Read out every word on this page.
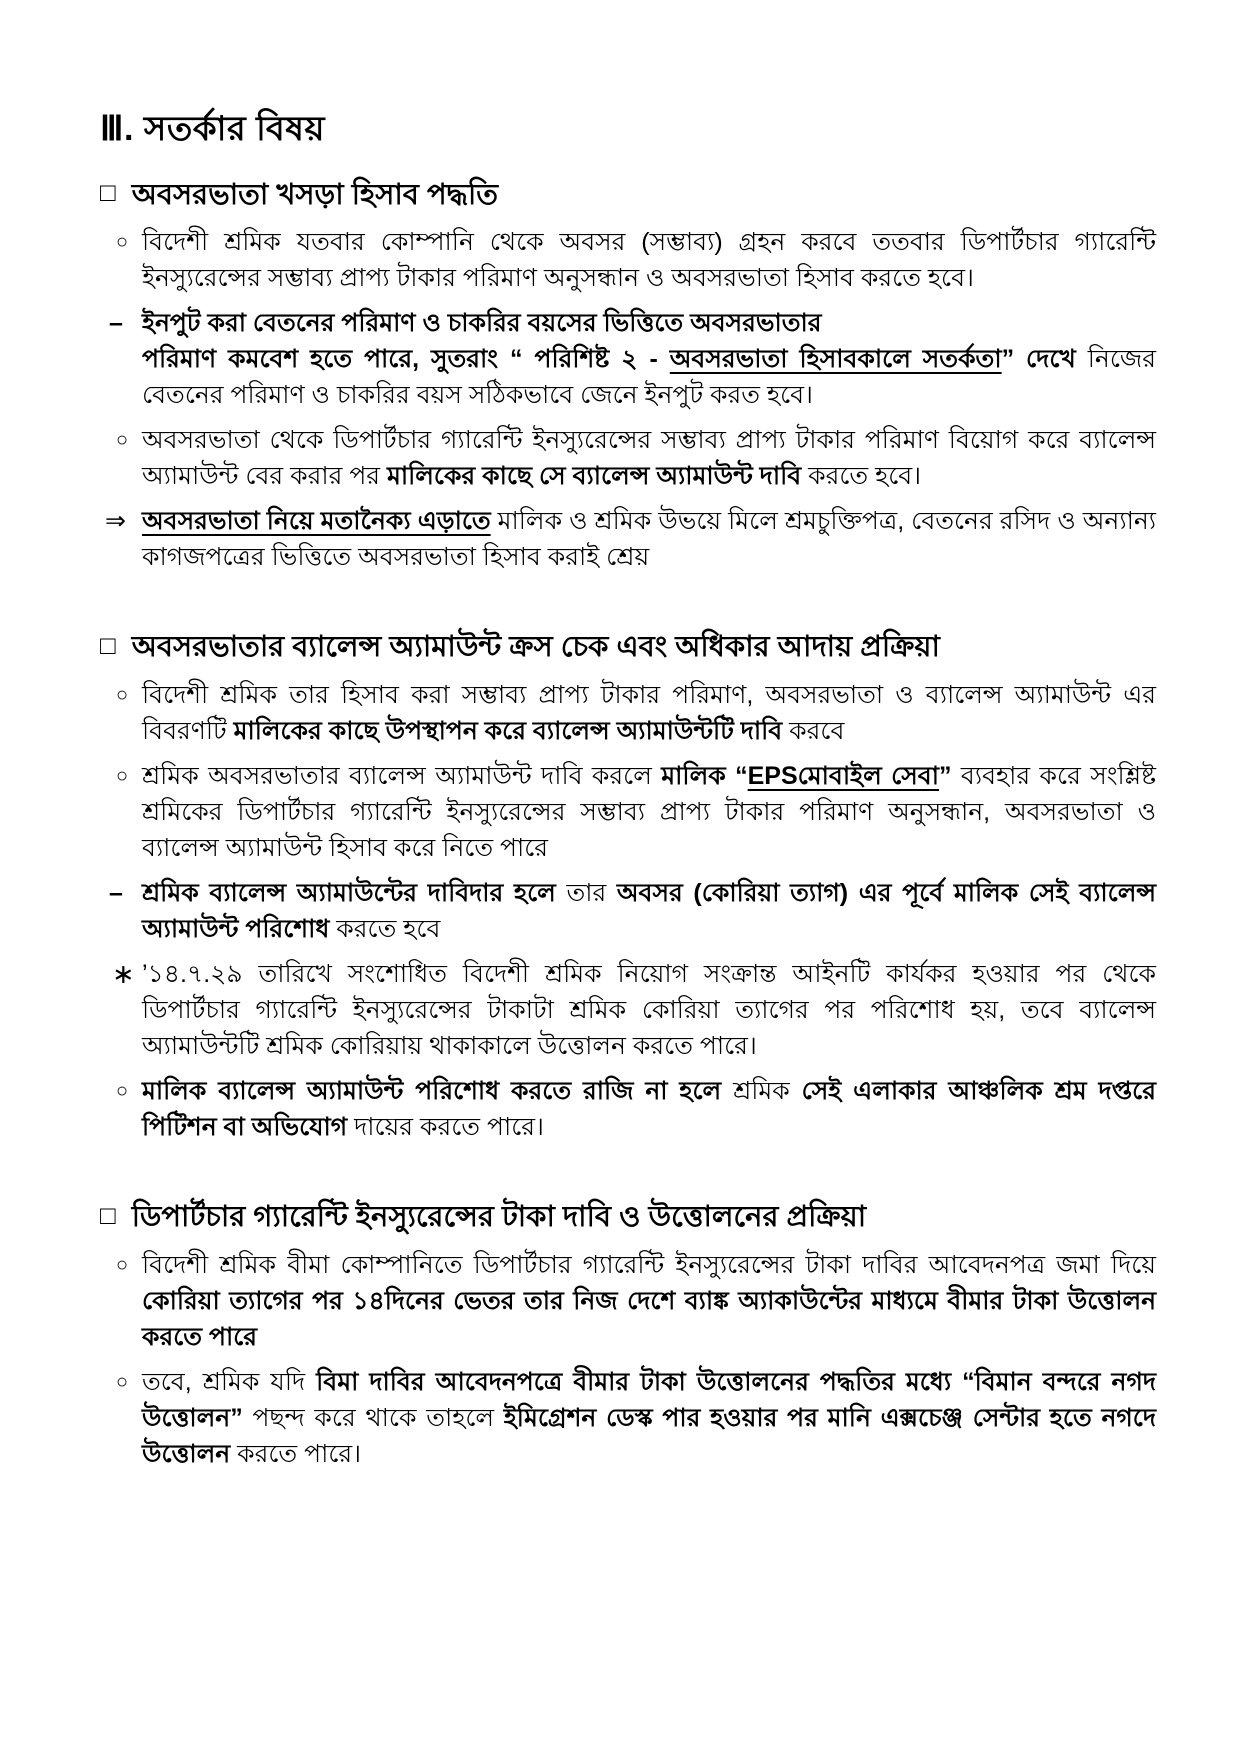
Ⅲ. সতর্কার বিষয়
□ অবসরভাতা খসড়া হিসাব পদ্ধতি
○ বিদেশী শ্রমিক যতবার কোম্পানি থেকে অবসর (সম্ভাব্য) গ্রহন করবে ততবার ডিপার্টচার গ্যারেন্টি ইনস্যুরেন্সের সম্ভাব্য প্রাপ্য টাকার পরিমাণ অনুসন্ধান ও অবসরভাতা হিসাব করতে হবে।
– ইনপুট করা বেতনের পরিমাণ ও চাকরির বয়সের ভিত্তিতে অবসরভাতার
পরিমাণ কমবেশ হতে পারে, সুতরাং “ পরিশিষ্ট ২ - অবসরভাতা হিসাবকালে সতর্কতা” দেখে নিজের বেতনের পরিমাণ ও চাকরির বয়স সঠিকভাবে জেনে ইনপুট করত হবে।
○ অবসরভাতা থেকে ডিপার্টচার গ্যারেন্টি ইনস্যুরেন্সের সম্ভাব্য প্রাপ্য টাকার পরিমাণ বিয়োগ করে ব্যালেন্স অ্যামাউন্ট বের করার পর মালিকের কাছে সে ব্যালেন্স অ্যামাউন্ট দাবি করতে হবে।
⇒ অবসরভাতা নিয়ে মতানৈক্য এড়াতে মালিক ও শ্রমিক উভয়ে মিলে শ্রমচুক্তিপত্র, বেতনের রসিদ ও অন্যান্য কাগজপত্রের ভিত্তিতে অবসরভাতা হিসাব করাই শ্রেয়
□ অবসরভাতার ব্যালেন্স অ্যামাউন্ট ক্রস চেক এবং অধিকার আদায় প্রক্রিয়া
○ বিদেশী শ্রমিক তার হিসাব করা সম্ভাব্য প্রাপ্য টাকার পরিমাণ, অবসরভাতা ও ব্যালেন্স অ্যামাউন্ট এর বিবরণটি মালিকের কাছে উপস্থাপন করে ব্যালেন্স অ্যামাউন্টটি দাবি করবে
○ শ্রমিক অবসরভাতার ব্যালেন্স অ্যামাউন্ট দাবি করলে মালিক “EPSমোবাইল সেবা” ব্যবহার করে সংশ্লিষ্ট শ্রমিকের ডিপার্টচার গ্যারেন্টি ইনস্যুরেন্সের সম্ভাব্য প্রাপ্য টাকার পরিমাণ অনুসন্ধান, অবসরভাতা ও ব্যালেন্স অ্যামাউন্ট হিসাব করে নিতে পারে
– শ্রমিক ব্যালেন্স অ্যামাউন্টের দাবিদার হলে তার অবসর (কোরিয়া ত্যাগ) এর পূর্বে মালিক সেই ব্যালেন্স অ্যামাউন্ট পরিশোধ করতে হবে
∗ ’১৪.৭.২৯ তারিখে সংশোধিত বিদেশী শ্রমিক নিয়োগ সংক্রান্ত আইনটি কার্যকর হওয়ার পর থেকে ডিপার্টচার গ্যারেন্টি ইনস্যুরেন্সের টাকাটা শ্রমিক কোরিয়া ত্যাগের পর পরিশোধ হয়, তবে ব্যালেন্স অ্যামাউন্টটি শ্রমিক কোরিয়ায় থাকাকালে উত্তোলন করতে পারে।
○ মালিক ব্যালেন্স অ্যামাউন্ট পরিশোধ করতে রাজি না হলে শ্রমিক সেই এলাকার আঞ্চলিক শ্রম দপ্তরে পিটিশন বা অভিযোগ দায়ের করতে পারে।
□ ডিপার্টচার গ্যারেন্টি ইনস্যুরেন্সের টাকা দাবি ও উত্তোলনের প্রক্রিয়া
○ বিদেশী শ্রমিক বীমা কোম্পানিতে ডিপার্টচার গ্যারেন্টি ইনস্যুরেন্সের টাকা দাবির আবেদনপত্র জমা দিয়ে কোরিয়া ত্যাগের পর ১৪দিনের ভেতর তার নিজ দেশে ব্যাঙ্ক অ্যাকাউন্টের মাধ্যমে বীমার টাকা উত্তোলন করতে পারে
○ তবে, শ্রমিক যদি বিমা দাবির আবেদনপত্রে বীমার টাকা উত্তোলনের পদ্ধতির মধ্যে “বিমান বন্দরে নগদ উত্তোলন” পছন্দ করে থাকে তাহলে ইমিগ্রেশন ডেস্ক পার হওয়ার পর মানি এক্সচেঞ্জ সেন্টার হতে নগদে উত্তোলন করতে পারে।
